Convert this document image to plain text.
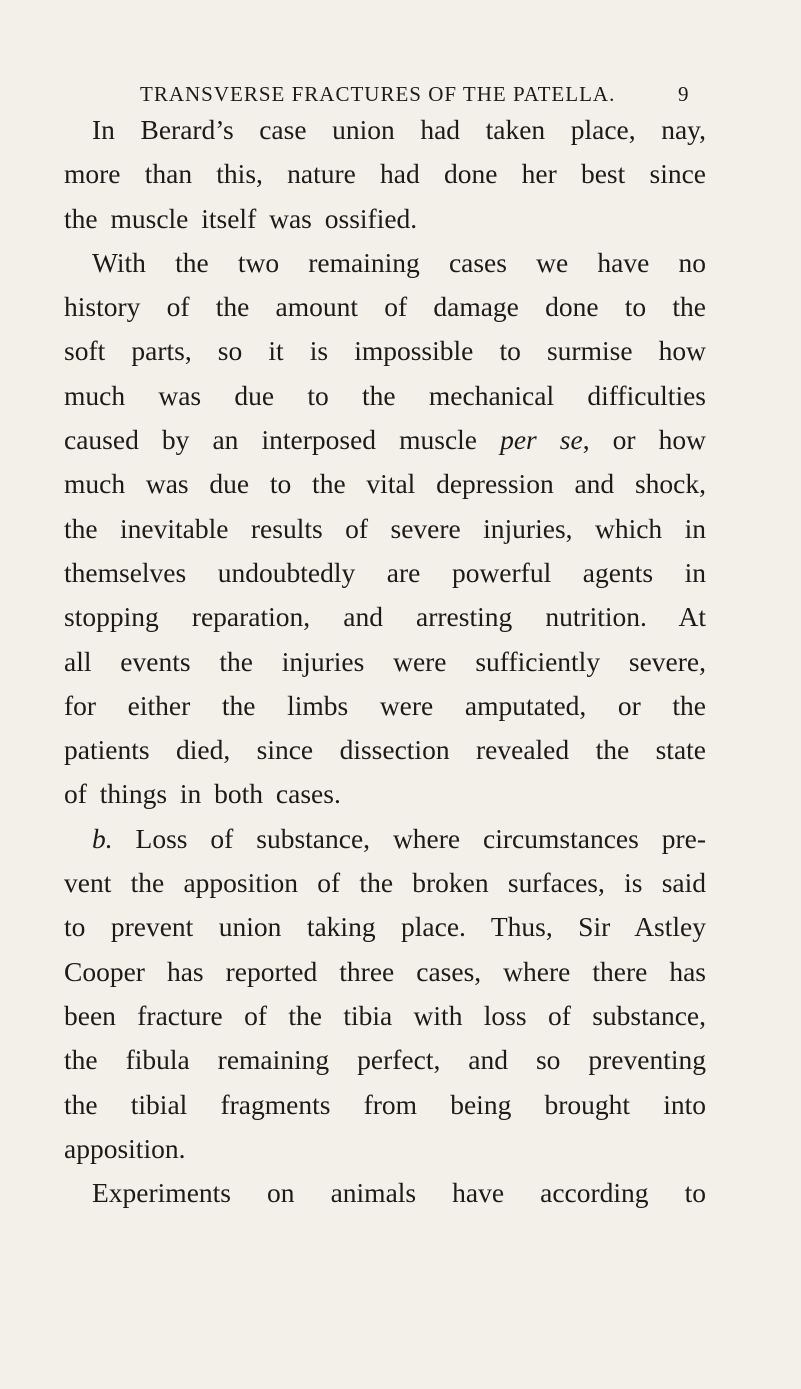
TRANSVERSE FRACTURES OF THE PATELLA.	9
In Berard’s case union had taken place, nay,
more than this, nature had done her best since
the muscle itself was ossified.
With the two remaining cases we have no
history of the amount of damage done to the
soft parts, so it is impossible to surmise how
much was due to the mechanical difficulties
caused by an interposed muscle per se, or how
much was due to the vital depression and shock,
the inevitable results of severe injuries, which in
themselves undoubtedly are powerful agents in
stopping reparation, and arresting nutrition. At
all events the injuries were sufficiently severe,
for either the limbs were amputated, or the
patients died, since dissection revealed the state
of things in both cases.
b. Loss of substance, where circumstances pre-
vent the apposition of the broken surfaces, is said
to prevent union taking place. Thus, Sir Astley
Cooper has reported three cases, where there has
been fracture of the tibia with loss of substance,
the fibula remaining perfect, and so preventing
the tibial fragments from being brought into
apposition.
Experiments on animals have according to
